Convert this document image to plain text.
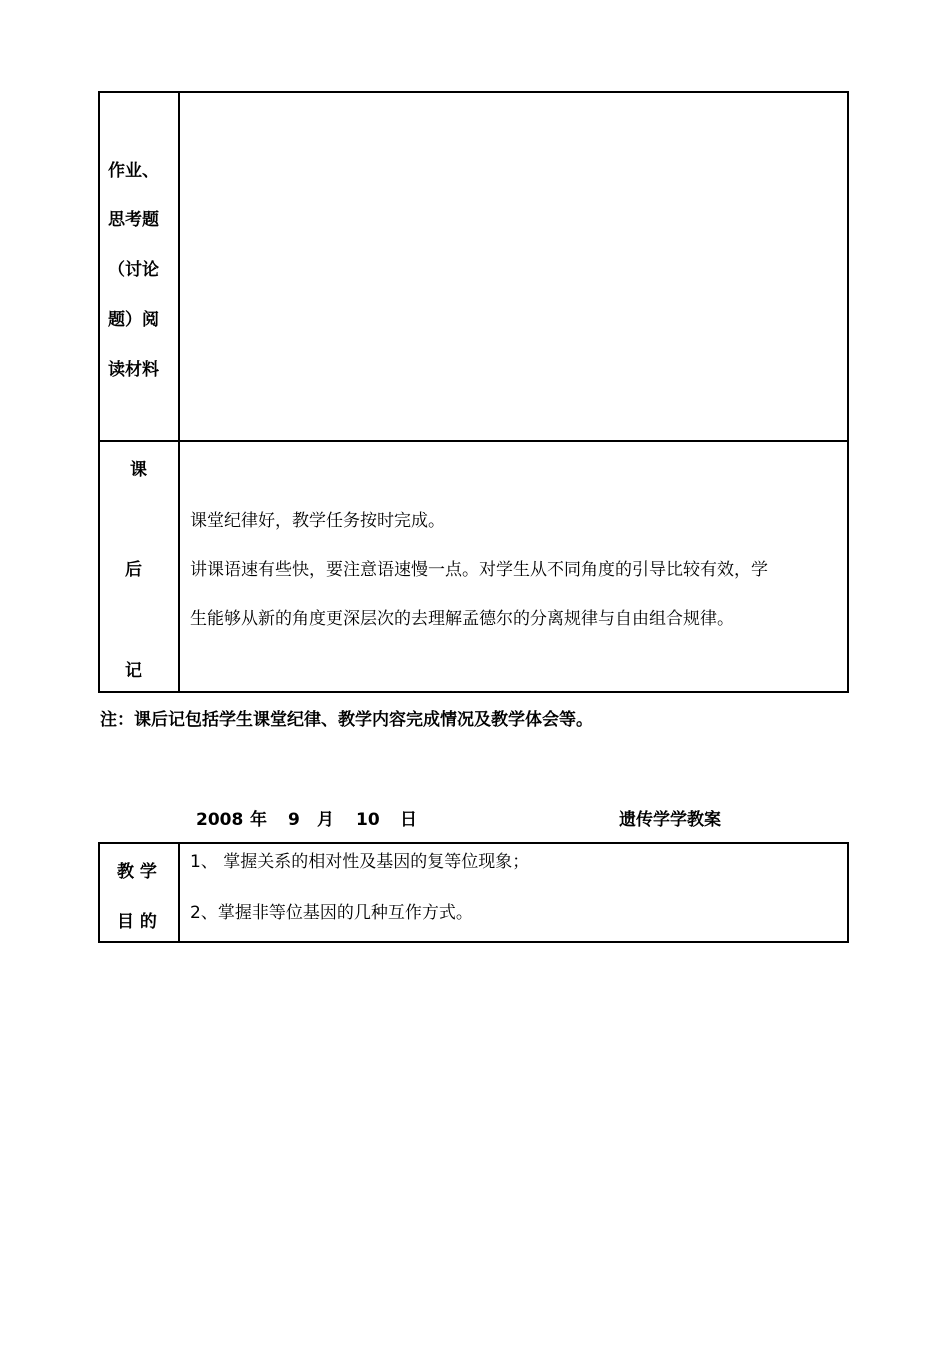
作业、
思考题
（讨论
题）阅
读材料
课
后
记
课堂纪律好，教学任务按时完成。
讲课语速有些快，要注意语速慢一点。对学生从不同角度的引导比较有效，学
生能够从新的角度更深层次的去理解孟德尔的分离规律与自由组合规律。
注：课后记包括学生课堂纪律、教学内容完成情况及教学体会等。
2008 年 9 月 10 日	遗传学学教案
教 学
目 的
1、 掌握关系的相对性及基因的复等位现象；
2、掌握非等位基因的几种互作方式。
